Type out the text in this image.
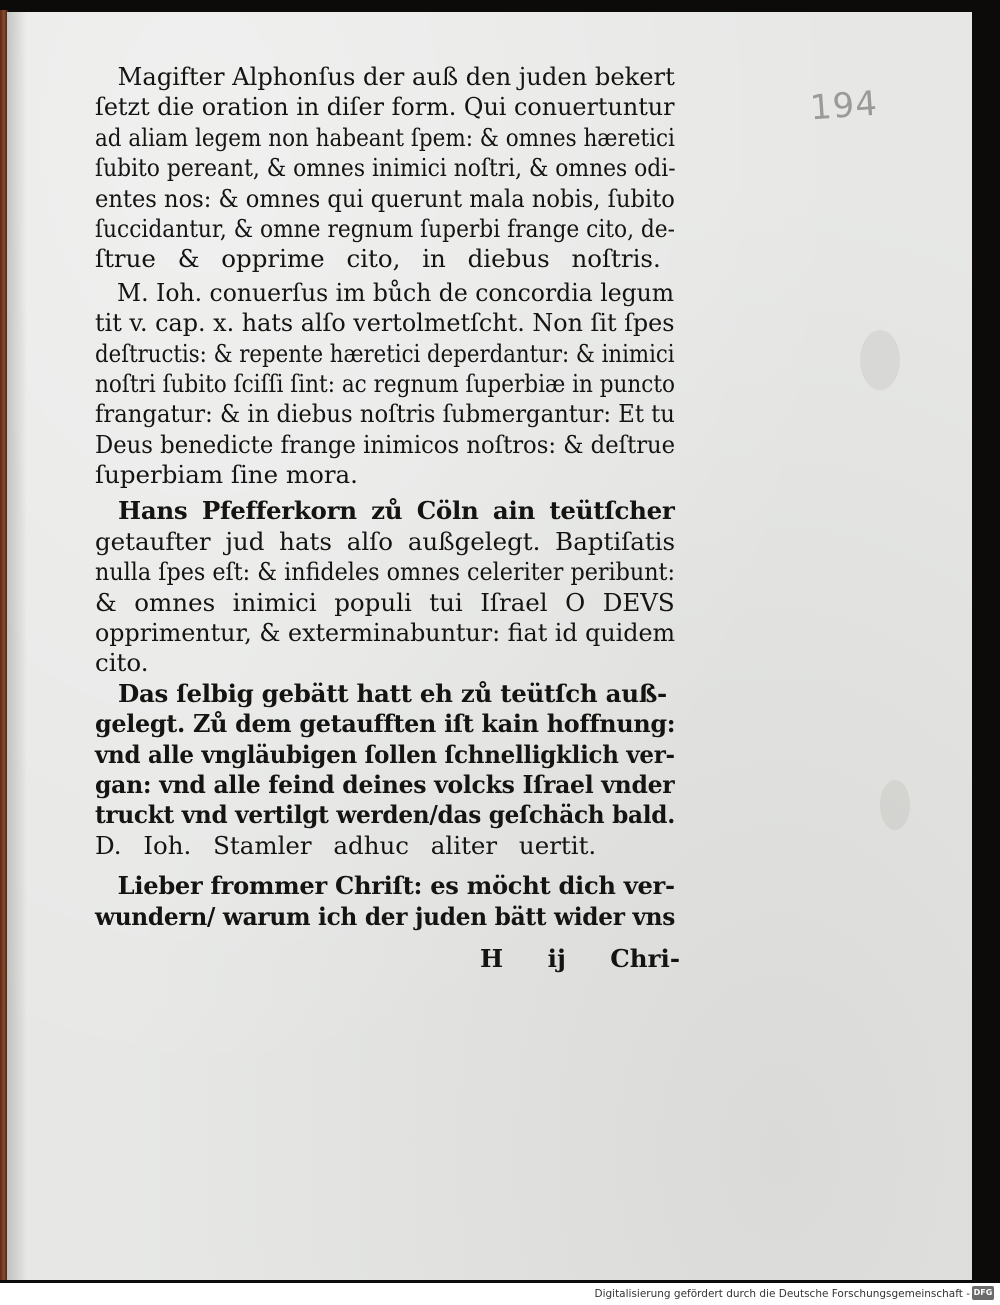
194
Magifter Alphonſus der auß den juden bekert
ſetzt die oration in diſer form. Qui conuertuntur
ad aliam legem non habeant ſpem: & omnes hæretici
ſubito pereant, & omnes inimici noſtri, & omnes odi-
entes nos: & omnes qui querunt mala nobis, ſubito
ſuccidantur, & omne regnum ſuperbi frange cito, de-
ſtrue & opprime cito, in diebus noſtris.
M. Ioh. conuerſus im bůch de concordia legum
tit v. cap. x. hats alſo vertolmetſcht. Non ſit ſpes
deſtructis: & repente hæretici deperdantur: & inimici
noſtri ſubito ſciſſi ſint: ac regnum ſuperbiæ in puncto
frangatur: & in diebus noſtris ſubmergantur: Et tu
Deus benedicte frange inimicos noſtros: & deſtrue
ſuperbiam ſine mora.
Hans Pfefferkorn zů Cöln ain teütſcher
getaufter jud hats alſo außgelegt. Baptiſatis
nulla ſpes eſt: & infideles omnes celeriter peribunt:
& omnes inimici populi tui Iſrael O DEVS
opprimentur, & exterminabuntur: fiat id quidem
cito.
Das ſelbig gebätt hatt eh zů teütſch auß-
gelegt. Zů dem getaufften iſt kain hoffnung:
vnd alle vngläubigen ſollen ſchnelligklich ver-
gan: vnd alle feind deines volcks Iſrael vnder
truckt vnd vertilgt werden/das geſchäch bald.
D. Ioh. Stamler adhuc aliter uertit.
Lieber frommer Chriſt: es möcht dich ver-
wundern/ warum ich der juden bätt wider vns
H ij Chri-
Digitalisierung gefördert durch die Deutsche Forschungsgemeinschaft - DFG
